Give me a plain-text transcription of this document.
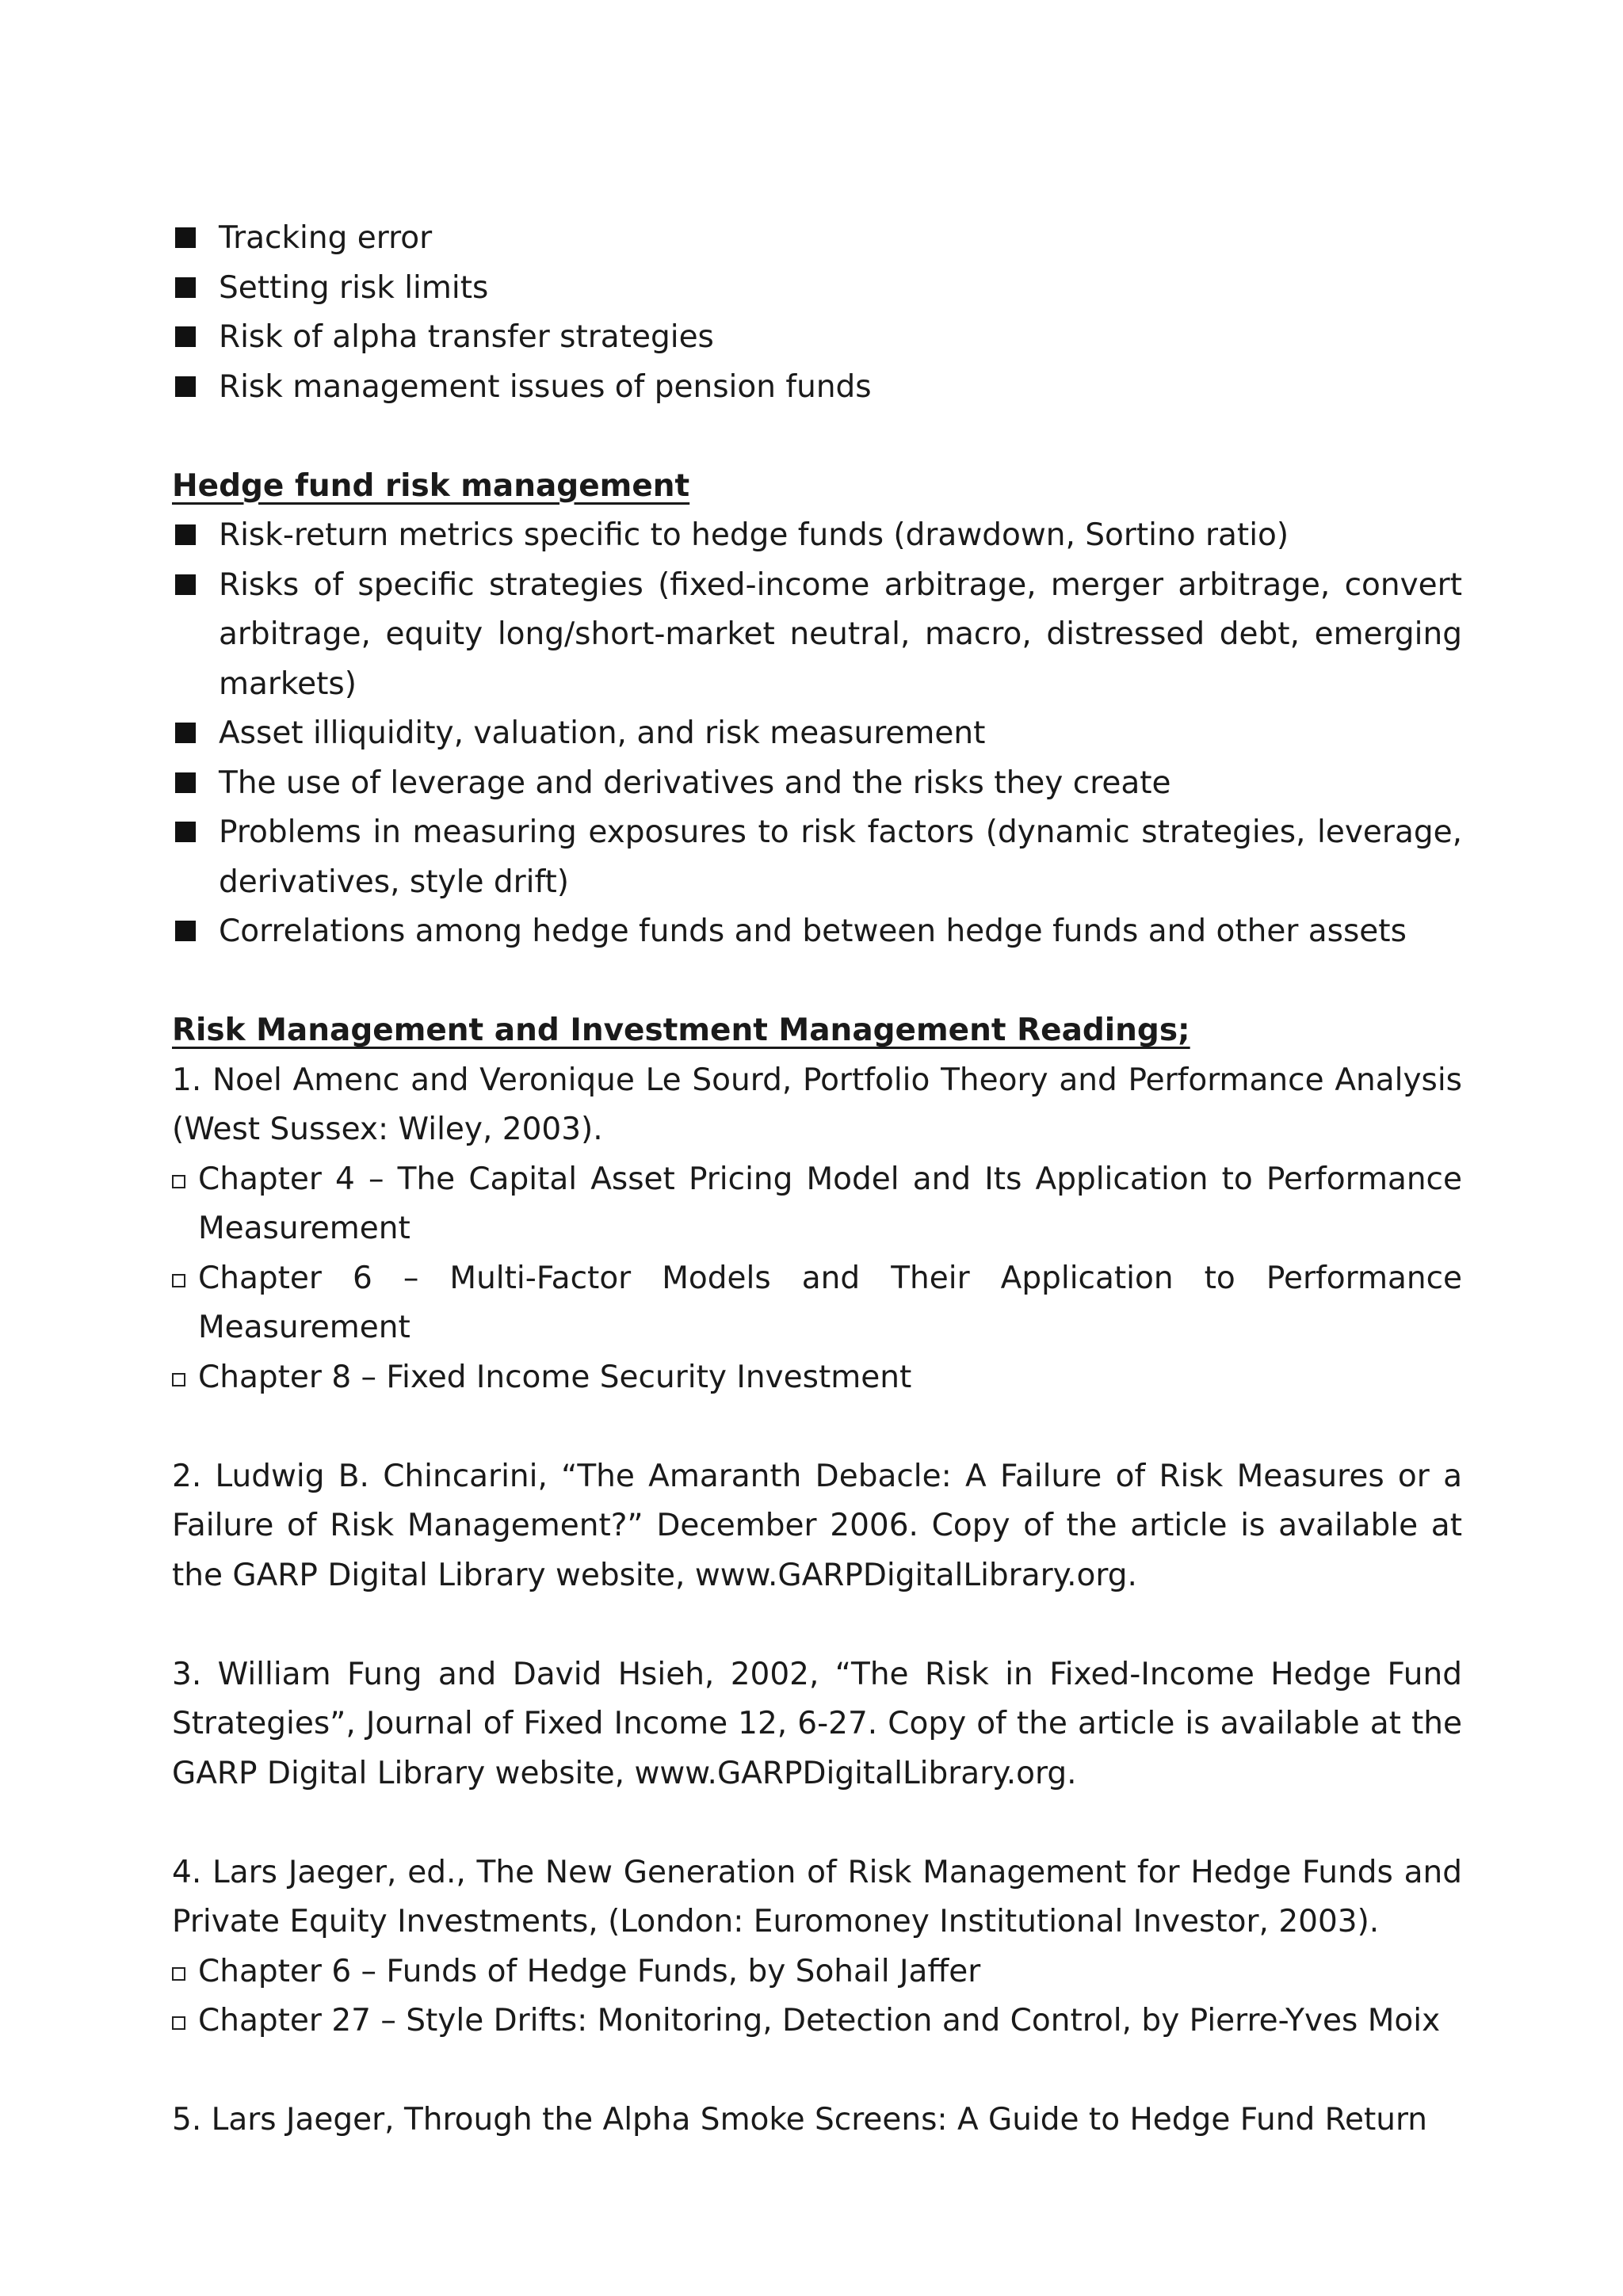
Tracking error
Setting risk limits
Risk of alpha transfer strategies
Risk management issues of pension funds
Hedge fund risk management
Risk-return metrics specific to hedge funds (drawdown, Sortino ratio)
Risks of specific strategies (fixed-income arbitrage, merger arbitrage, convert arbitrage, equity long/short-market neutral, macro, distressed debt, emerging markets)
Asset illiquidity, valuation, and risk measurement
The use of leverage and derivatives and the risks they create
Problems in measuring exposures to risk factors (dynamic strategies, leverage, derivatives, style drift)
Correlations among hedge funds and between hedge funds and other assets
Risk Management and Investment Management Readings;

1. Noel Amenc and Veronique Le Sourd, Portfolio Theory and Performance Analysis (West Sussex: Wiley, 2003).

Chapter 4 – The Capital Asset Pricing Model and Its Application to Performance Measurement
Chapter 6 – Multi-Factor Models and Their Application to Performance Measurement
Chapter 8 – Fixed Income Security Investment

2. Ludwig B. Chincarini, “The Amaranth Debacle: A Failure of Risk Measures or a Failure of Risk Management?” December 2006. Copy of the article is available at the GARP Digital Library website, www.GARPDigitalLibrary.org.

3. William Fung and David Hsieh, 2002, “The Risk in Fixed-Income Hedge Fund Strategies”, Journal of Fixed Income 12, 6-27. Copy of the article is available at the GARP Digital Library website, www.GARPDigitalLibrary.org.

4. Lars Jaeger, ed., The New Generation of Risk Management for Hedge Funds and Private Equity Investments, (London: Euromoney Institutional Investor, 2003).

Chapter 6 – Funds of Hedge Funds, by Sohail Jaffer
Chapter 27 – Style Drifts: Monitoring, Detection and Control, by Pierre-Yves Moix

5. Lars Jaeger, Through the Alpha Smoke Screens: A Guide to Hedge Fund Return
